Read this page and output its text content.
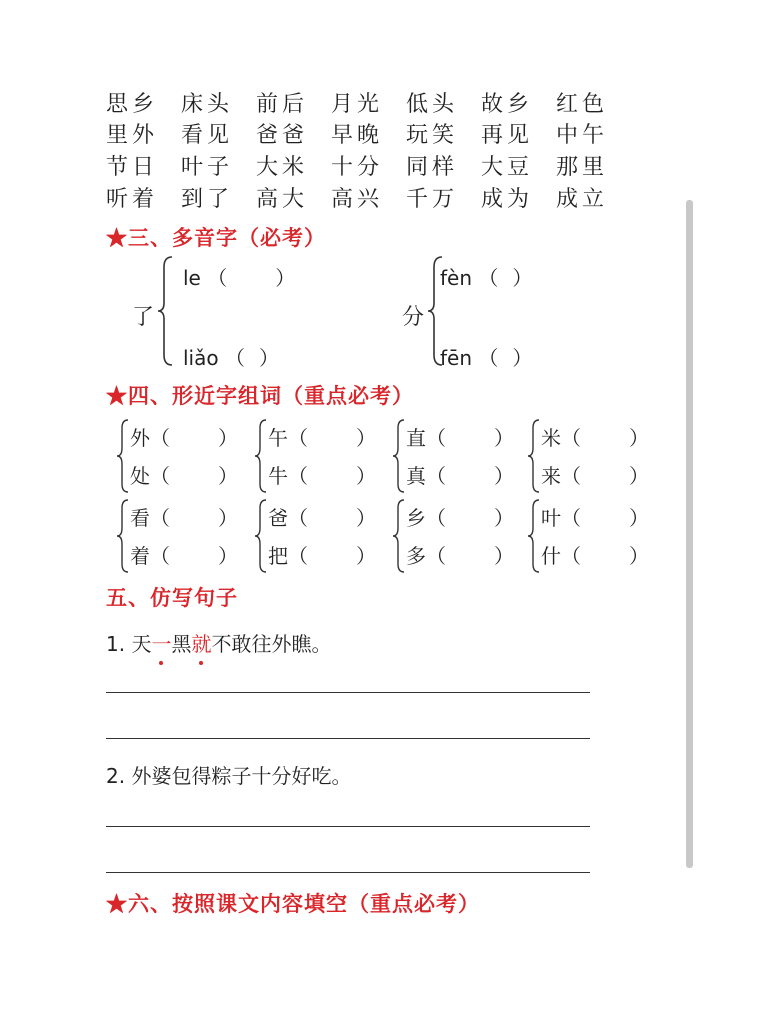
思乡 床头 前后 月光 低头 故乡 红色
里外 看见 爸爸 早晚 玩笑 再见 中午
节日 叶子 大米 十分 同样 大豆 那里
听着 到了 高大 高兴 千万 成为 成立
★三、多音字（必考）
了
le （ ）
liǎo （ ）
分
fèn （ ）
fēn （ ）
★四、形近字组词（重点必考）
外（ ）
处（ ）
午（ ）
牛（ ）
直（ ）
真（ ）
米（ ）
来（ ）
看（ ）
着（ ）
爸（ ）
把（ ）
乡（ ）
多（ ）
叶（ ）
什（ ）
五、仿写句子
1. 天一黑就不敢往外瞧。
2. 外婆包得粽子十分好吃。
★六、按照课文内容填空（重点必考）
